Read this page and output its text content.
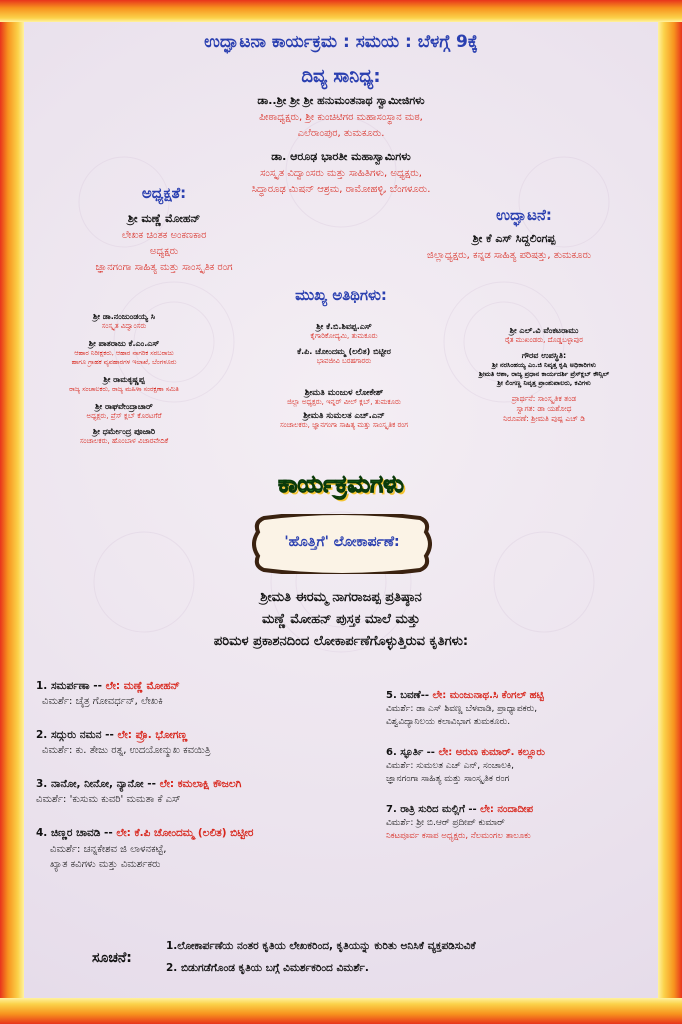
ಉದ್ಘಾಟನಾ ಕಾರ್ಯಕ್ರಮ : ಸಮಯ : ಬೆಳಗ್ಗೆ 9ಕ್ಕೆ
ದಿವ್ಯ ಸಾನಿಧ್ಯ:
ಡಾ..ಶ್ರೀ ಶ್ರೀ ಶ್ರೀ ಹನುಮಂತನಾಥ ಸ್ವಾಮೀಜಿಗಳು
ಪೀಠಾಧ್ಯಕ್ಷರು, ಶ್ರೀ ಕುಂಚಿಟಿಗರ ಮಹಾಸಂಸ್ಥಾನ ಮಠ,
ಎಲೆರಾಂಪುರ, ತುಮಕೂರು.
ಡಾ. ಆರೂಢ ಭಾರತೀ ಮಹಾಸ್ವಾಮಿಗಳು
ಸಂಸ್ಕೃತ ವಿದ್ವಾಂಸರು ಮತ್ತು ಸಾಹಿತಿಗಳು, ಅಧ್ಯಕ್ಷರು,
ಸಿದ್ಧಾರೂಢ ಮಿಷನ್ ಆಶ್ರಮ, ರಾಮೋಹಳ್ಳಿ, ಬೆಂಗಳೂರು.
ಅಧ್ಯಕ್ಷತೆ:
ಶ್ರೀ ಮಣ್ಣೆ ಮೋಹನ್
ಲೇಖಕ ಚಿಂತಕ ಅಂಕಣಕಾರ
ಅಧ್ಯಕ್ಷರು
ಜ್ಞಾನಗಂಗಾ ಸಾಹಿತ್ಯ ಮತ್ತು ಸಾಂಸ್ಕೃತಿಕ ರಂಗ
ಉದ್ಘಾಟನೆ:
ಶ್ರೀ ಕೆ ಎಸ್ ಸಿದ್ದಲಿಂಗಪ್ಪ
ಜಿಲ್ಲಾಧ್ಯಕ್ಷರು, ಕನ್ನಡ ಸಾಹಿತ್ಯ ಪರಿಷತ್ತು, ತುಮಕೂರು
ಮುಖ್ಯ ಅತಿಥಿಗಳು:
ಶ್ರೀ ಡಾ.ನಂಜುಂಡಯ್ಯ ಸಿ
ಸಂಸ್ಕೃತ ವಿದ್ವಾಂಸರು
ಶ್ರೀ ಪಾತರಾಜು ಕೆ.ಎಂ.ಎಸ್
ಆಹಾರ ನಿರೀಕ್ಷಕರು, ಆಹಾರ ನಾಗರಿಕ ಸರಬರಾಜು
ಹಾಗೂ ಗ್ರಾಹಕ ವ್ಯವಹಾರಗಳ ಇಲಾಖೆ, ಬೆಂಗಳೂರು
ಶ್ರೀ ರಾಮಕೃಷ್ಣಪ್ಪ
ರಾಜ್ಯ ಸಂಚಾಲಕರು, ರಾಜ್ಯ ಮಹಿಳಾ ಸಂರಕ್ಷಣಾ ಸಮಿತಿ
ಶ್ರೀ ರಾಘವೇಂದ್ರಾಚಾರ್
ಅಧ್ಯಕ್ಷರು, ಪ್ರೆಸ್ ಕ್ಲಬ್ ಕೊರಟಗೆರೆ
ಶ್ರೀ ಧರ್ಮೇಂದ್ರ ಪೂಜಾರಿ
ಸಂಚಾಲಕರು, ಹೊಂಬಾಳ ವಿಚಾರವೇದಿಕೆ
ಶ್ರೀ ಕೆ.ಬಿ.ಶಿವಪ್ಪ.ಎಸ್
ಕೈಗಾರಿಕೋದ್ಯಮಿ, ತುಮಕೂರು
ಕೆ.ಪಿ. ಚೋಂದಮ್ಮ (ಲಲಿತ) ಬಿಟ್ಟೀರ
ಭಾವಜೀವಿ ಬರಹಗಾರರು
ಶ್ರೀಮತಿ ಮಂಜುಳ ಲೋಕೇಶ್
ಜಿಲ್ಲಾ ಅಧ್ಯಕ್ಷರು, ಇನ್ನರ್ ವೀಲ್ ಕ್ಲಬ್, ತುಮಕೂರು
ಶ್ರೀಮತಿ ಸುಮಲತ ಎಚ್.ಎನ್
ಸಂಚಾಲಕರು, ಜ್ಞಾನಗಂಗಾ ಸಾಹಿತ್ಯ ಮತ್ತು ಸಾಂಸ್ಕೃತಿಕ ರಂಗ
ಶ್ರೀ ಎಲ್.ವಿ ವೆಂಕಟರಾಮು
ರೈತ ಮುಖಂಡರು, ದೊಡ್ಡಬಳ್ಳಾಪುರ
ಗೌರವ ಉಪಸ್ಥಿತಿ:
ಶ್ರೀ ನರಸಿಂಹಯ್ಯ ಎಂ.ಜಿ ನಿವೃತ್ತ ಕೃಷಿ ಅಧಿಕಾರಿಗಳು
ಶ್ರೀಮತಿ ಆಶಾ, ರಾಜ್ಯ ಪ್ರಧಾನ ಕಾರ್ಯದರ್ಶಿ ಪ್ರೆಸ್‌ಕ್ಲಬ್ ಕೌನ್ಸಿಲ್
ಶ್ರೀ ಲಿಂಗಣ್ಣ ನಿವೃತ್ತ ಪ್ರಾಂಶುಪಾಲರು, ಕವಿಗಳು
ಪ್ರಾರ್ಥನೆ: ಸಾಂಸ್ಕೃತಿಕ ತಂಡ
ಸ್ವಾಗತ: ಡಾ ಯಶೋಧ
ನಿರೂಪಣೆ: ಶ್ರೀಮತಿ ಪುಷ್ಪ ಎಚ್ ಡಿ
ಕಾರ್ಯಕ್ರಮಗಳು
'ಹೊತ್ತಿಗೆ' ಲೋಕಾರ್ಪಣೆ:
ಶ್ರೀಮತಿ ಈರಮ್ಮ ನಾಗರಾಜಪ್ಪ ಪ್ರತಿಷ್ಠಾನ
ಮಣ್ಣೆ ಮೋಹನ್ ಪುಸ್ತಕ ಮಾಲೆ ಮತ್ತು
ಪರಿಮಳ ಪ್ರಕಾಶನದಿಂದ ಲೋಕಾರ್ಪಣೆಗೊಳ್ಳುತ್ತಿರುವ ಕೃತಿಗಳು:
1. ಸಮರ್ಪಣಾ -- ಲೇ: ಮಣ್ಣೆ ಮೋಹನ್
ವಿಮರ್ಶೆ: ಚೈತ್ರ ಗೋವರ್ಧನ್, ಲೇಖಕಿ
2. ಸದ್ಗುರು ನಮನ -- ಲೇ: ಪ್ರೊ. ಭೋಗಣ್ಣ
ವಿಮರ್ಶೆ: ಕು. ತೇಜು ರತ್ನ, ಉದಯೋನ್ಮುಖ ಕವಯಿತ್ರಿ
3. ನಾನೋ, ನೀನೋ, ನ್ಯಾನೋ -- ಲೇ: ಕಮಲಾಕ್ಷಿ ಕೌಜಲಗಿ
ವಿಮರ್ಶೆ: 'ಕುಸುಮ ಕುವರಿ' ಮಮತಾ ಕೆ ಎಸ್
4. ಚಿಣ್ಣರ ಚಾವಡಿ -- ಲೇ: ಕೆ.ಪಿ ಚೋಂದಮ್ಮ (ಲಲಿತ) ಬಿಟ್ಟೀರ
ವಿಮರ್ಶೆ: ಚನ್ನಕೇಶವ ಜಿ ಲಾಳನಕಟ್ಟೆ,
ಖ್ಯಾತ ಕವಿಗಳು ಮತ್ತು ವಿಮರ್ಶಕರು
5. ಬವಣೆ-- ಲೇ: ಮಂಜುನಾಥ.ಸಿ ಕೆಂಗಲ್ ಹಟ್ಟಿ
ವಿಮರ್ಶೆ: ಡಾ ಎಸ್ ಶಿವಣ್ಣ ಬೆಳವಾಡಿ, ಪ್ರಾಧ್ಯಾಪಕರು,
ವಿಶ್ವವಿದ್ಯಾನಿಲಯ ಕಲಾವಿಭಾಗ ತುಮಕೂರು.
6. ಸ್ಫೂರ್ತಿ -- ಲೇ: ಅರುಣ ಕುಮಾರ್. ಕಲ್ಲೂರು
ವಿಮರ್ಶೆ: ಸುಮಲತ ಎಚ್ ಎನ್, ಸಂಚಾಲಕಿ,
ಜ್ಞಾನಗಂಗಾ ಸಾಹಿತ್ಯ ಮತ್ತು ಸಾಂಸ್ಕೃತಿಕ ರಂಗ
7. ರಾತ್ರಿ ಸುರಿದ ಮಲ್ಲಿಗೆ -- ಲೇ: ನಂದಾದೀಪ
ವಿಮರ್ಶೆ: ಶ್ರೀ ಬಿ.ಆರ್ ಪ್ರದೀಪ್ ಕುಮಾರ್
ನಿಕಟಪೂರ್ವ ಕಸಾಪ ಅಧ್ಯಕ್ಷರು, ನೆಲಮಂಗಲ ತಾಲೂಕು
ಸೂಚನೆ:
1.ಲೋಕಾರ್ಪಣೆಯ ನಂತರ ಕೃತಿಯ ಲೇಖಕರಿಂದ, ಕೃತಿಯನ್ನು ಕುರಿತು ಅನಿಸಿಕೆ ವ್ಯಕ್ತಪಡಿಸುವಿಕೆ
2. ಬಿಡುಗಡೆಗೊಂಡ ಕೃತಿಯ ಬಗ್ಗೆ ವಿಮರ್ಶಕರಿಂದ ವಿಮರ್ಶೆ.
